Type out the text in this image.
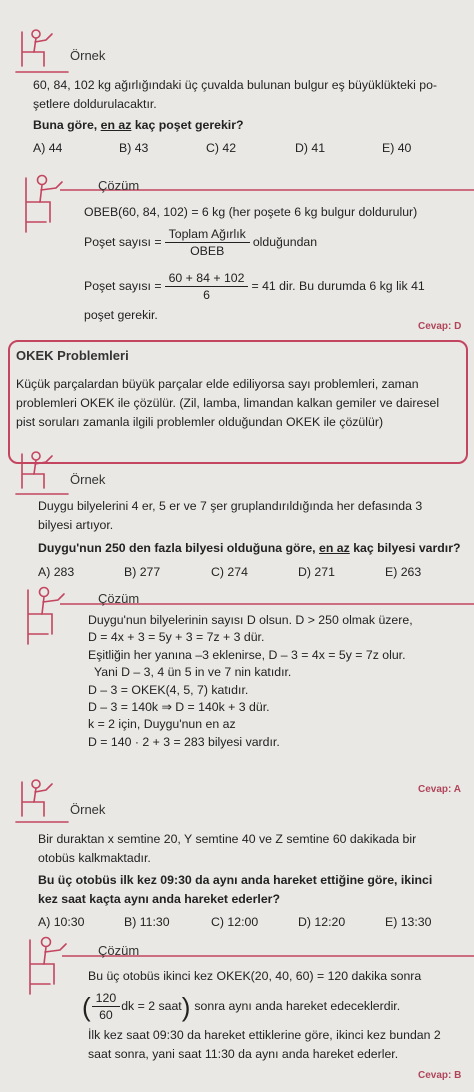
Örnek
60, 84, 102 kg ağırlığındaki üç çuvalda bulunan bulgur eş büyüklükteki po-
şetlere doldurulacaktır.
Buna göre, en az kaç poşet gerekir?
A) 44	B) 43	C) 42	D) 41	E) 40
Çözüm
OBEB(60, 84, 102) = 6 kg (her poşete 6 kg bulgur doldurulur)
Poşet sayısı = $\frac{\text{Toplam Ağırlık}}{\text{OBEB}}$ olduğundan
Poşet sayısı = $\frac{60 + 84 + 102}{6} = 41$ dir. Bu durumda 6 kg lik 41
poşet gerekir.
Cevap: D
OKEK Problemleri
Küçük parçalardan büyük parçalar elde ediliyorsa sayı problemleri, zaman
problemleri OKEK ile çözülür. (Zil, lamba, limandan kalkan gemiler ve dairesel
pist soruları zamanla ilgili problemler olduğundan OKEK ile çözülür)
Örnek
Duygu bilyelerini 4 er, 5 er ve 7 şer gruplandırıldığında her defasında 3
bilyesi artıyor.
Duygu'nun 250 den fazla bilyesi olduğuna göre, en az kaç bilyesi vardır?
A) 283	B) 277	C) 274	D) 271	E) 263
Çözüm
Duygu'nun bilyelerinin sayısı D olsun. D > 250 olmak üzere,
D = 4x + 3 = 5y + 3 = 7z + 3 dür.
Eşitliğin her yanına –3 eklenirse, D – 3 = 4x = 5y = 7z olur.
Yani D – 3, 4 ün 5 in ve 7 nin katıdır.
D – 3 = OKEK(4, 5, 7) katıdır.
D – 3 = 140k ⇒ D = 140k + 3 dür.
k = 2 için, Duygu'nun en az
D = 140 · 2 + 3 = 283 bilyesi vardır.
Cevap: A
Örnek
Bir duraktan x semtine 20, Y semtine 40 ve Z semtine 60 dakikada bir
otobüs kalkmaktadır.
Bu üç otobüs ilk kez 09:30 da aynı anda hareket ettiğine göre, ikinci
kez saat kaçta aynı anda hareket ederler?
A) 10:30	B) 11:30	C) 12:00	D) 12:20	E) 13:30
Çözüm
Bu üç otobüs ikinci kez OKEK(20, 40, 60) = 120 dakika sonra
( $\frac{120}{60}$ dk = 2 saat ) sonra aynı anda hareket edeceklerdir.
İlk kez saat 09:30 da hareket ettiklerine göre, ikinci kez bundan 2
saat sonra, yani saat 11:30 da aynı anda hareket ederler.
Cevap: B
